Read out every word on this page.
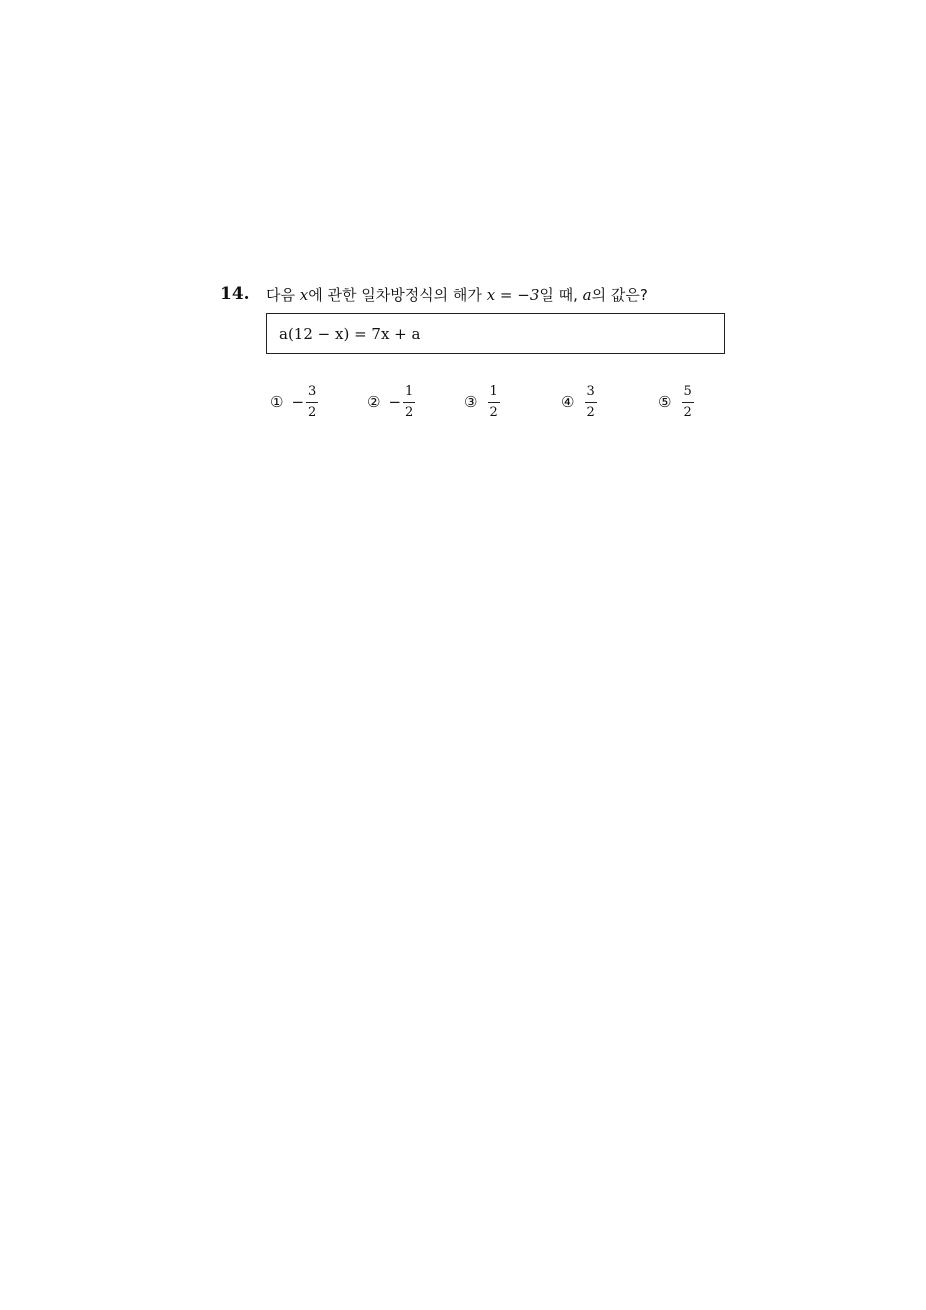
14. 다음 x에 관한 일차방정식의 해가 x = −3일 때, a의 값은?
a(12 − x) = 7x + a
① − $\frac{3}{2}$	② − $\frac{1}{2}$	③ $\frac{1}{2}$	④ $\frac{3}{2}$	⑤ $\frac{5}{2}$
